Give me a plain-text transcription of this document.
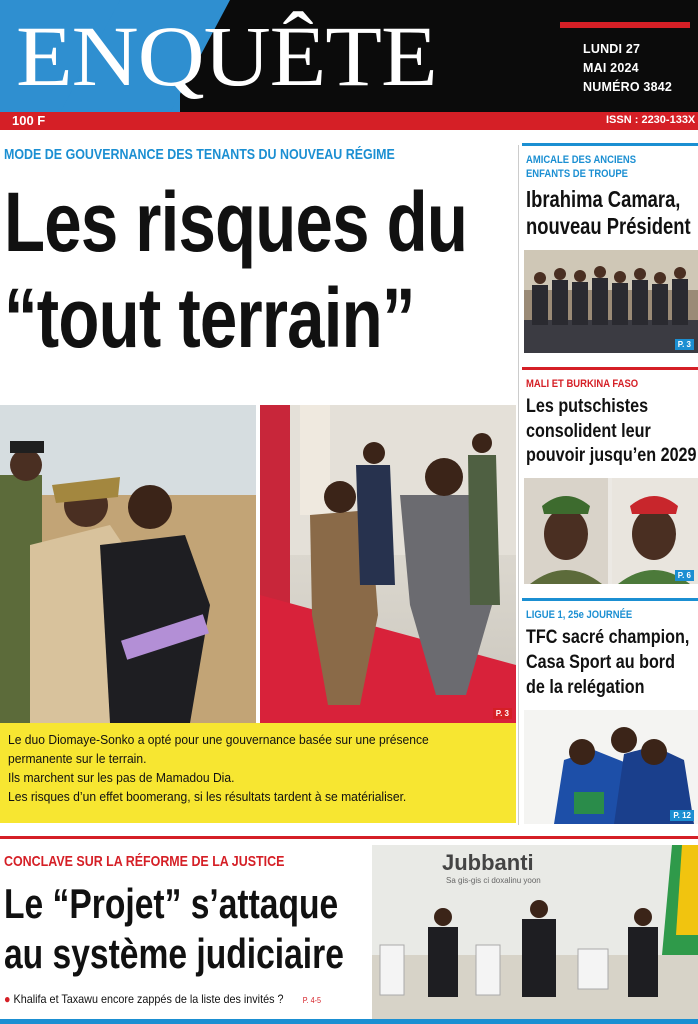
ENQUÊTE	LUNDI 27
MAI 2024
NUMÉRO 3842
100 F	ISSN : 2230-133X
MODE DE GOUVERNANCE DES TENANTS DU NOUVEAU RÉGIME
Les risques du
“tout terrain”
P. 3
Le duo Diomaye-Sonko a opté pour une gouvernance basée sur une présence
permanente sur le terrain.
Ils marchent sur les pas de Mamadou Dia.
Les risques d’un effet boomerang, si les résultats tardent à se matérialiser.
AMICALE DES ANCIENS
ENFANTS DE TROUPE
Ibrahima Camara,
nouveau Président
P. 3
MALI ET BURKINA FASO
Les putschistes
consolident leur
pouvoir jusqu’en 2029
P. 6
LIGUE 1, 25e JOURNÉE
TFC sacré champion,
Casa Sport au bord
de la relégation
P. 12
CONCLAVE SUR LA RÉFORME DE LA JUSTICE
Le “Projet” s’attaque
au système judiciaire
● Khalifa et Taxawu encore zappés de la liste des invités ? P. 4-5
Jubbanti
Sa gis-gis ci doxalinu yoon
